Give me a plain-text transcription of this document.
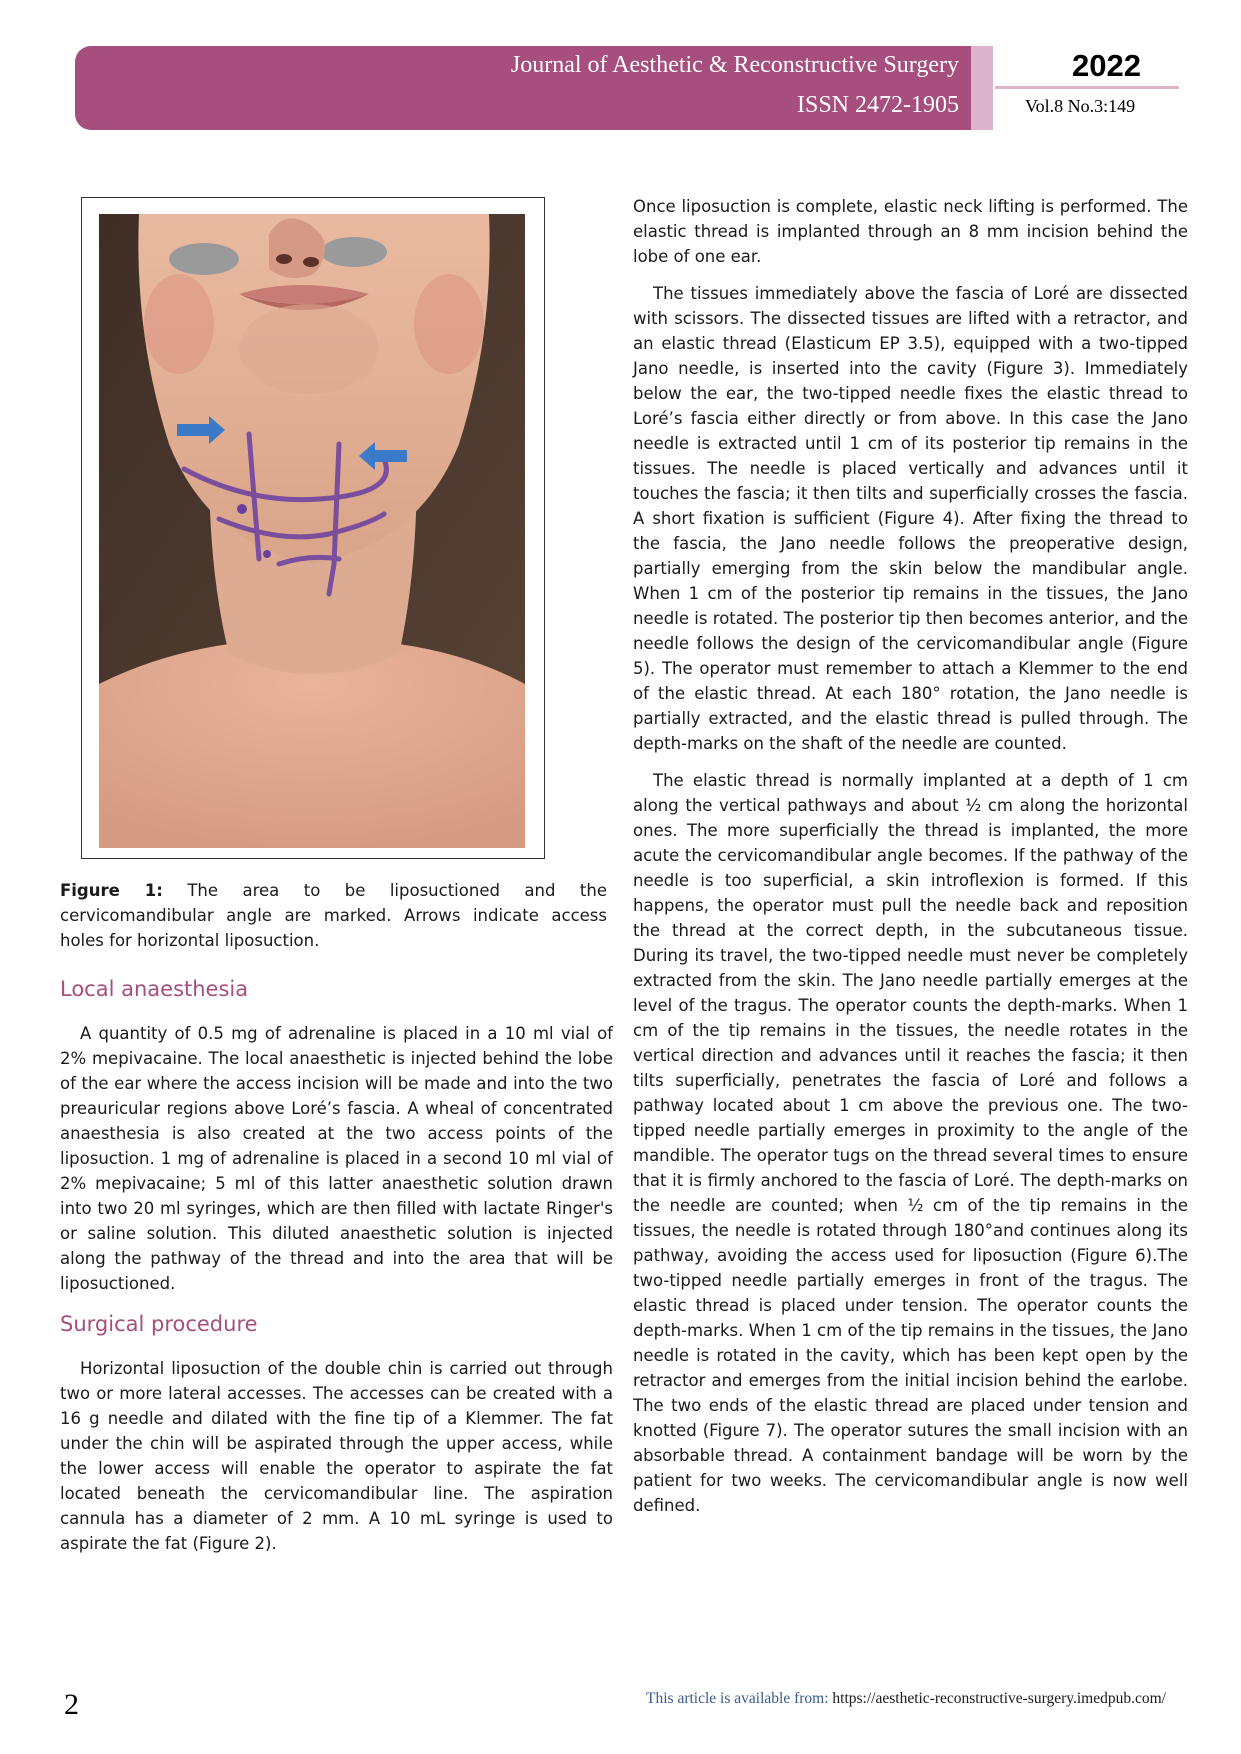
Journal of Aesthetic & Reconstructive Surgery
ISSN 2472-1905
2022
Vol.8 No.3:149
Figure 1: The area to be liposuctioned and the cervicomandibular angle are marked. Arrows indicate access holes for horizontal liposuction.
Local anaesthesia

A quantity of 0.5 mg of adrenaline is placed in a 10 ml vial of 2% mepivacaine. The local anaesthetic is injected behind the lobe of the ear where the access incision will be made and into the two preauricular regions above Loré’s fascia. A wheal of concentrated anaesthesia is also created at the two access points of the liposuction. 1 mg of adrenaline is placed in a second 10 ml vial of 2% mepivacaine; 5 ml of this latter anaesthetic solution drawn into two 20 ml syringes, which are then filled with lactate Ringer's or saline solution. This diluted anaesthetic solution is injected along the pathway of the thread and into the area that will be liposuctioned.

Surgical procedure

Horizontal liposuction of the double chin is carried out through two or more lateral accesses. The accesses can be created with a 16 g needle and dilated with the fine tip of a Klemmer. The fat under the chin will be aspirated through the upper access, while the lower access will enable the operator to aspirate the fat located beneath the cervicomandibular line. The aspiration cannula has a diameter of 2 mm. A 10 mL syringe is used to aspirate the fat (Figure 2).

Once liposuction is complete, elastic neck lifting is performed. The elastic thread is implanted through an 8 mm incision behind the lobe of one ear.

The tissues immediately above the fascia of Loré are dissected with scissors. The dissected tissues are lifted with a retractor, and an elastic thread (Elasticum EP 3.5), equipped with a two-tipped Jano needle, is inserted into the cavity (Figure 3). Immediately below the ear, the two-tipped needle fixes the elastic thread to Loré’s fascia either directly or from above. In this case the Jano needle is extracted until 1 cm of its posterior tip remains in the tissues. The needle is placed vertically and advances until it touches the fascia; it then tilts and superficially crosses the fascia. A short fixation is sufficient (Figure 4). After fixing the thread to the fascia, the Jano needle follows the preoperative design, partially emerging from the skin below the mandibular angle. When 1 cm of the posterior tip remains in the tissues, the Jano needle is rotated. The posterior tip then becomes anterior, and the needle follows the design of the cervicomandibular angle (Figure 5). The operator must remember to attach a Klemmer to the end of the elastic thread. At each 180° rotation, the Jano needle is partially extracted, and the elastic thread is pulled through. The depth-marks on the shaft of the needle are counted.

The elastic thread is normally implanted at a depth of 1 cm along the vertical pathways and about ½ cm along the horizontal ones. The more superficially the thread is implanted, the more acute the cervicomandibular angle becomes. If the pathway of the needle is too superficial, a skin introflexion is formed. If this happens, the operator must pull the needle back and reposition the thread at the correct depth, in the subcutaneous tissue. During its travel, the two-tipped needle must never be completely extracted from the skin. The Jano needle partially emerges at the level of the tragus. The operator counts the depth-marks. When 1 cm of the tip remains in the tissues, the needle rotates in the vertical direction and advances until it reaches the fascia; it then tilts superficially, penetrates the fascia of Loré and follows a pathway located about 1 cm above the previous one. The two-tipped needle partially emerges in proximity to the angle of the mandible. The operator tugs on the thread several times to ensure that it is firmly anchored to the fascia of Loré. The depth-marks on the needle are counted; when ½ cm of the tip remains in the tissues, the needle is rotated through 180°and continues along its pathway, avoiding the access used for liposuction (Figure 6).The two-tipped needle partially emerges in front of the tragus. The elastic thread is placed under tension. The operator counts the depth-marks. When 1 cm of the tip remains in the tissues, the Jano needle is rotated in the cavity, which has been kept open by the retractor and emerges from the initial incision behind the earlobe. The two ends of the elastic thread are placed under tension and knotted (Figure 7). The operator sutures the small incision with an absorbable thread. A containment bandage will be worn by the patient for two weeks. The cervicomandibular angle is now well defined.

2	This article is available from: https://aesthetic-reconstructive-surgery.imedpub.com/
